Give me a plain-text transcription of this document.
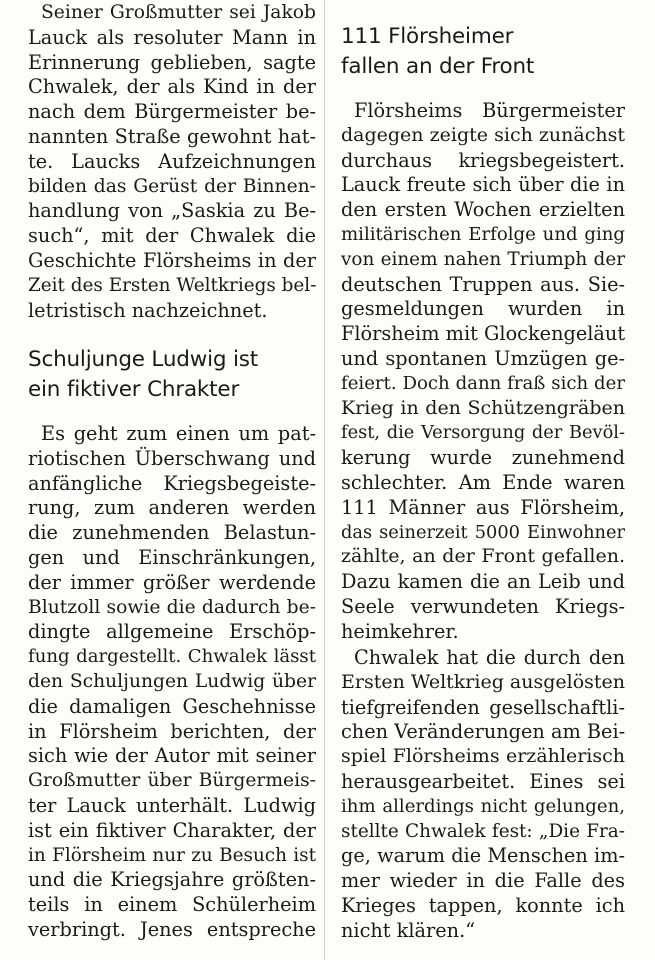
Seiner Großmutter sei Jakob
Lauck als resoluter Mann in
Erinnerung geblieben, sagte
Chwalek, der als Kind in der
nach dem Bürgermeister be-
nannten Straße gewohnt hat-
te. Laucks Aufzeichnungen
bilden das Gerüst der Binnen-
handlung von „Saskia zu Be-
such“, mit der Chwalek die
Geschichte Flörsheims in der
Zeit des Ersten Weltkriegs bel-
letristisch nachzeichnet.
Schuljunge Ludwig ist
ein fiktiver Chrakter
Es geht zum einen um pat-
riotischen Überschwang und
anfängliche Kriegsbegeiste-
rung, zum anderen werden
die zunehmenden Belastun-
gen und Einschränkungen,
der immer größer werdende
Blutzoll sowie die dadurch be-
dingte allgemeine Erschöp-
fung dargestellt. Chwalek lässt
den Schuljungen Ludwig über
die damaligen Geschehnisse
in Flörsheim berichten, der
sich wie der Autor mit seiner
Großmutter über Bürgermeis-
ter Lauck unterhält. Ludwig
ist ein fiktiver Charakter, der
in Flörsheim nur zu Besuch ist
und die Kriegsjahre größten-
teils in einem Schülerheim
verbringt. Jenes entspreche
111 Flörsheimer
fallen an der Front
Flörsheims Bürgermeister
dagegen zeigte sich zunächst
durchaus kriegsbegeistert.
Lauck freute sich über die in
den ersten Wochen erzielten
militärischen Erfolge und ging
von einem nahen Triumph der
deutschen Truppen aus. Sie-
gesmeldungen wurden in
Flörsheim mit Glockengeläut
und spontanen Umzügen ge-
feiert. Doch dann fraß sich der
Krieg in den Schützengräben
fest, die Versorgung der Bevöl-
kerung wurde zunehmend
schlechter. Am Ende waren
111 Männer aus Flörsheim,
das seinerzeit 5000 Einwohner
zählte, an der Front gefallen.
Dazu kamen die an Leib und
Seele verwundeten Kriegs-
heimkehrer.
Chwalek hat die durch den
Ersten Weltkrieg ausgelösten
tiefgreifenden gesellschaftli-
chen Veränderungen am Bei-
spiel Flörsheims erzählerisch
herausgearbeitet. Eines sei
ihm allerdings nicht gelungen,
stellte Chwalek fest: „Die Fra-
ge, warum die Menschen im-
mer wieder in die Falle des
Krieges tappen, konnte ich
nicht klären.“
